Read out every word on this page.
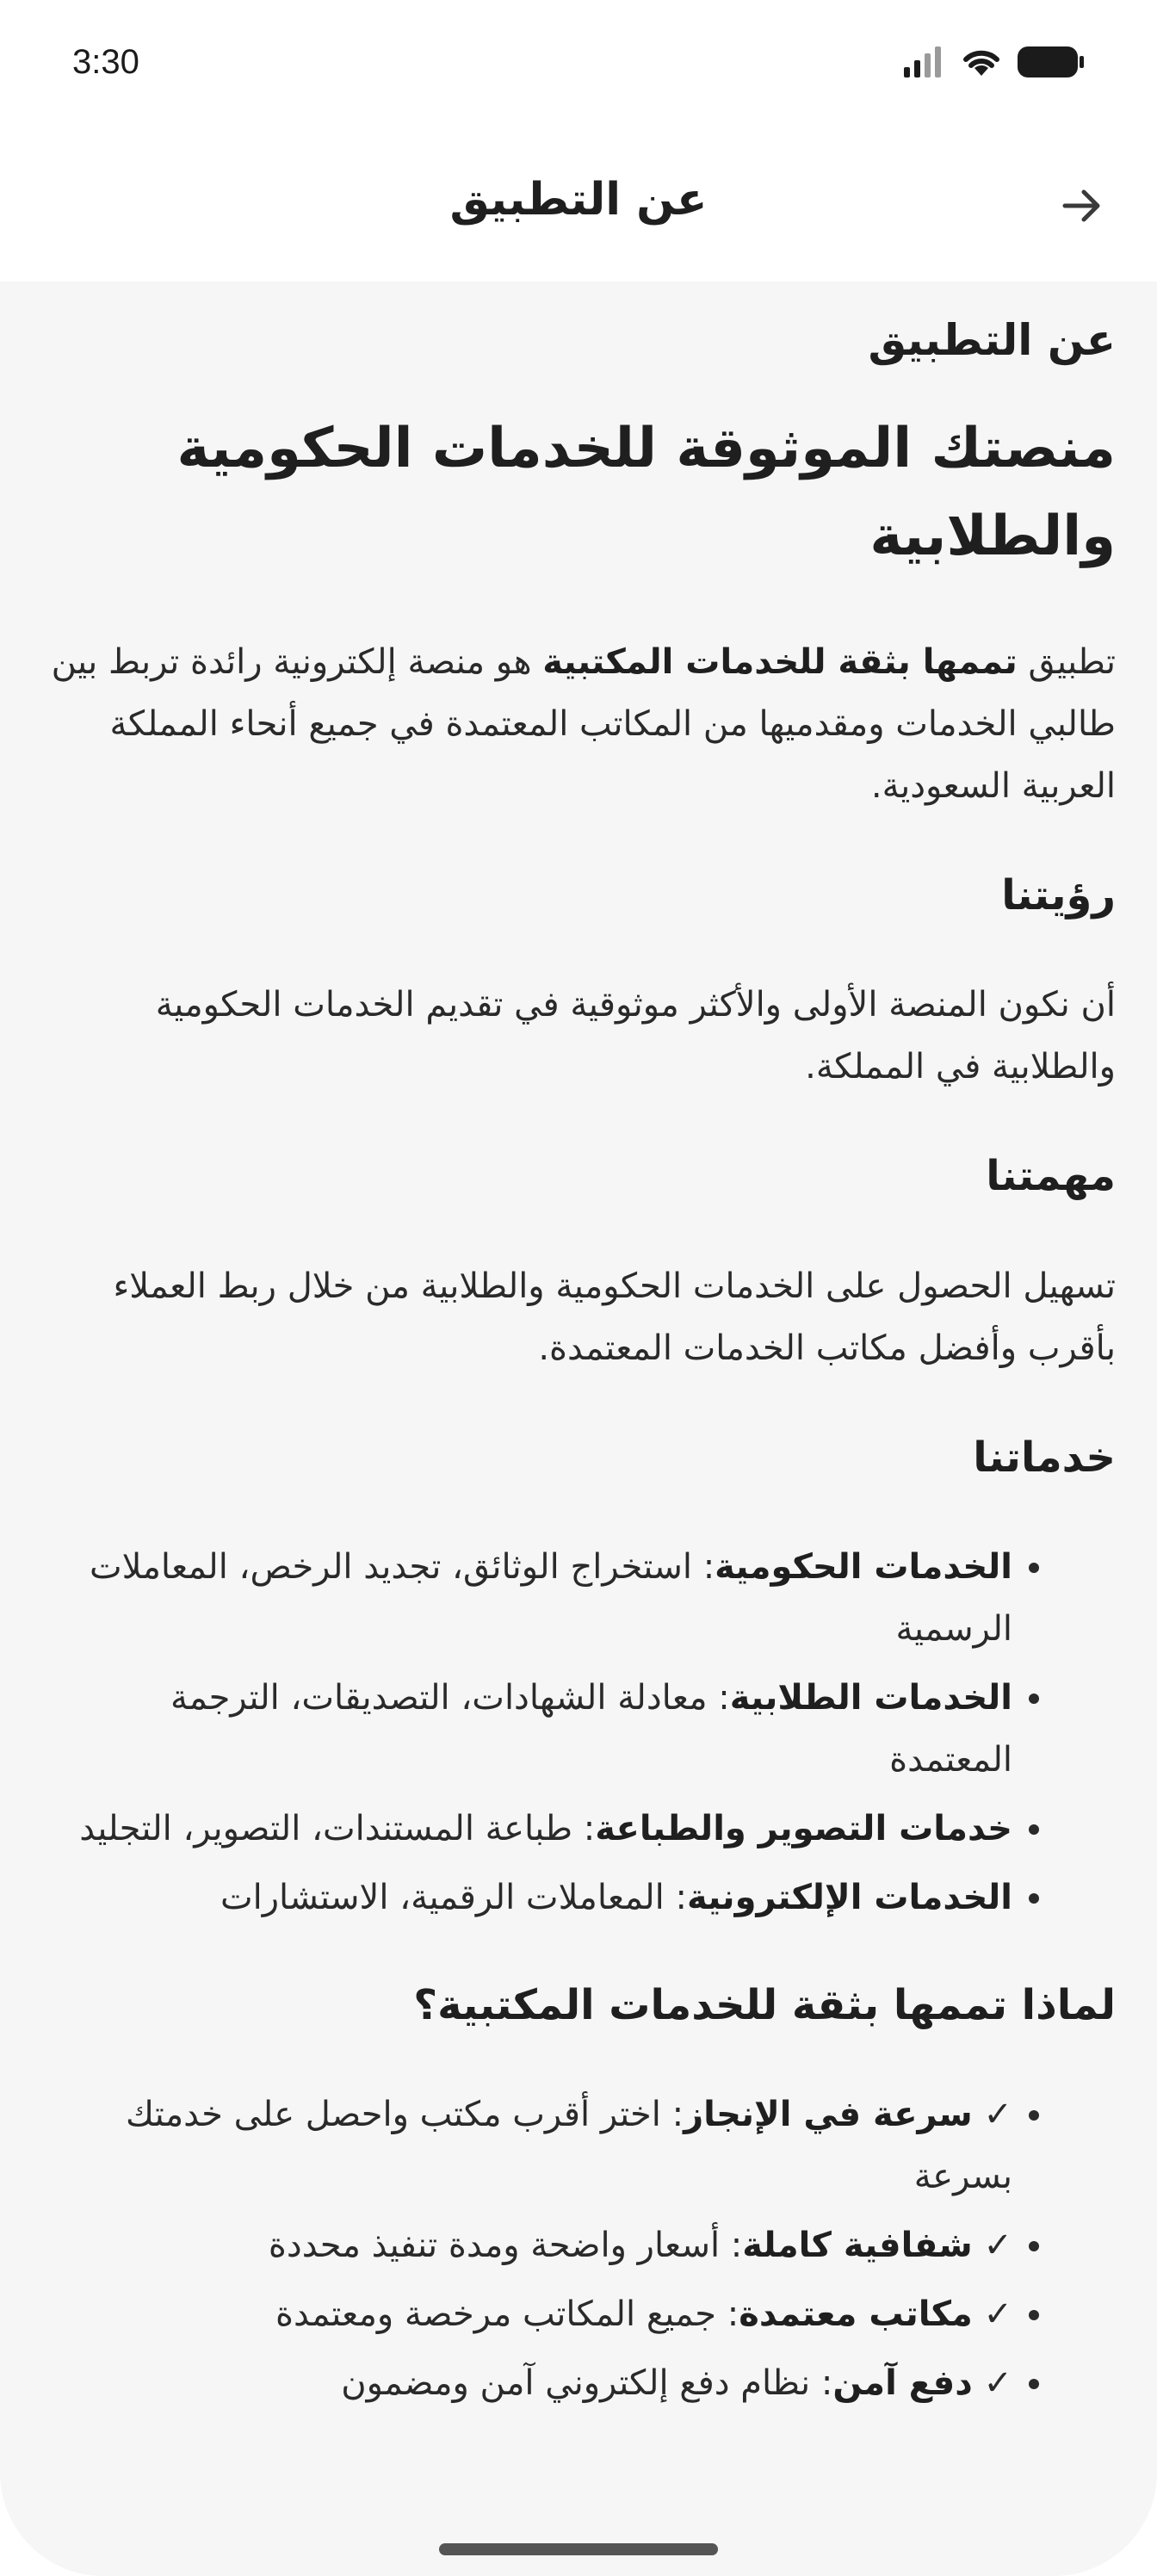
3:30
عن التطبيق
عن التطبيق
منصتك الموثوقة للخدمات الحكومية والطلابية

تطبيق تممها بثقة للخدمات المكتبية هو منصة إلكترونية رائدة تربط بين طالبي الخدمات ومقدميها من المكاتب المعتمدة في جميع أنحاء المملكة العربية السعودية.

رؤيتنا

أن نكون المنصة الأولى والأكثر موثوقية في تقديم الخدمات الحكومية والطلابية في المملكة.

مهمتنا

تسهيل الحصول على الخدمات الحكومية والطلابية من خلال ربط العملاء بأقرب وأفضل مكاتب الخدمات المعتمدة.

خدماتنا
• الخدمات الحكومية: استخراج الوثائق، تجديد الرخص، المعاملات الرسمية
• الخدمات الطلابية: معادلة الشهادات، التصديقات، الترجمة المعتمدة
• خدمات التصوير والطباعة: طباعة المستندات، التصوير، التجليد
• الخدمات الإلكترونية: المعاملات الرقمية، الاستشارات
لماذا تممها بثقة للخدمات المكتبية؟
• ✓ سرعة في الإنجاز: اختر أقرب مكتب واحصل على خدمتك بسرعة
• ✓ شفافية كاملة: أسعار واضحة ومدة تنفيذ محددة
• ✓ مكاتب معتمدة: جميع المكاتب مرخصة ومعتمدة
• ✓ دفع آمن: نظام دفع إلكتروني آمن ومضمون
